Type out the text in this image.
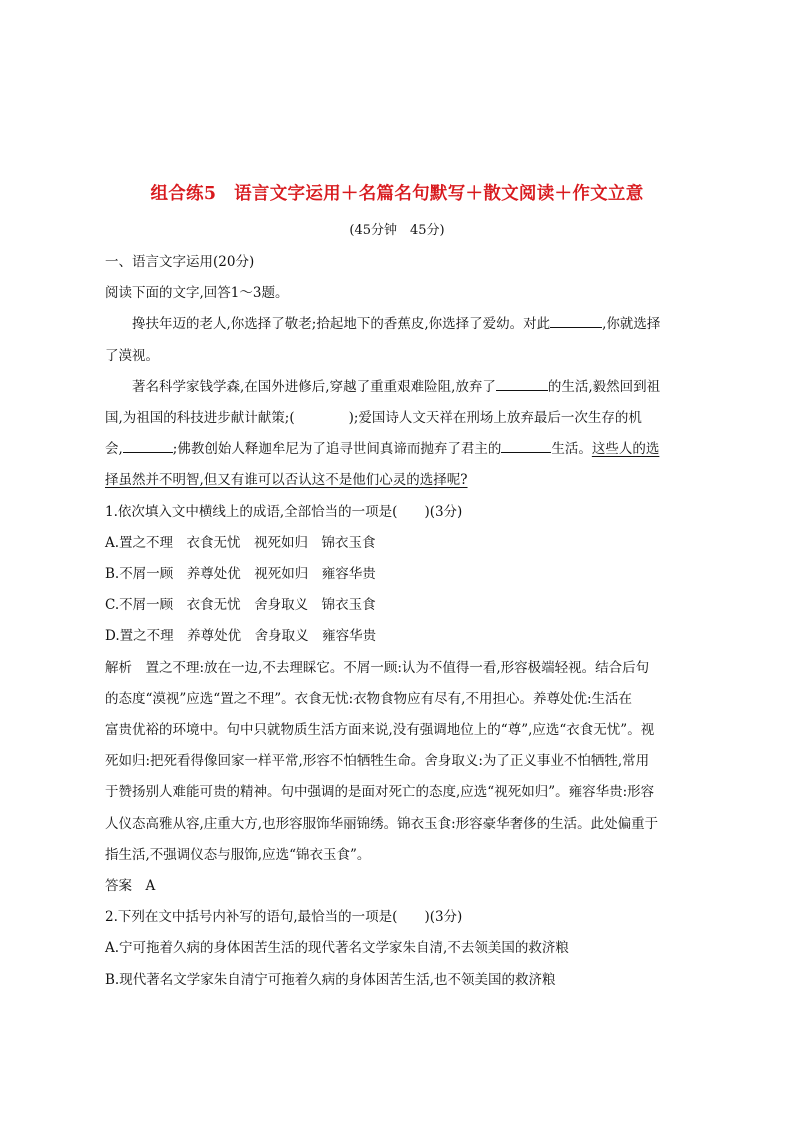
组合练5　语言文字运用＋名篇名句默写＋散文阅读＋作文立意
(45分钟　45分)
一、语言文字运用(20分)
阅读下面的文字,回答1～3题。
搀扶年迈的老人,你选择了敬老;拾起地下的香蕉皮,你选择了爱幼。对此	,你就选择
了漠视。
著名科学家钱学森,在国外进修后,穿越了重重艰难险阻,放弃了	的生活,毅然回到祖
国,为祖国的科技进步献计献策;(	);爱国诗人文天祥在刑场上放弃最后一次生存的机
会,	;佛教创始人释迦牟尼为了追寻世间真谛而抛弃了君主的	生活。这些人的选
择虽然并不明智,但又有谁可以否认这不是他们心灵的选择呢?
1.依次填入文中横线上的成语,全部恰当的一项是(　　)(3分)
A.置之不理　衣食无忧　视死如归　锦衣玉食
B.不屑一顾　养尊处优　视死如归　雍容华贵
C.不屑一顾　衣食无忧　舍身取义　锦衣玉食
D.置之不理　养尊处优　舍身取义　雍容华贵
解析　置之不理:放在一边,不去理睬它。不屑一顾:认为不值得一看,形容极端轻视。结合后句
的态度“漠视”应选“置之不理”。衣食无忧:衣物食物应有尽有,不用担心。养尊处优:生活在
富贵优裕的环境中。句中只就物质生活方面来说,没有强调地位上的“尊”,应选“衣食无忧”。视
死如归:把死看得像回家一样平常,形容不怕牺牲生命。舍身取义:为了正义事业不怕牺牲,常用
于赞扬别人难能可贵的精神。句中强调的是面对死亡的态度,应选“视死如归”。雍容华贵:形容
人仪态高雅从容,庄重大方,也形容服饰华丽锦绣。锦衣玉食:形容豪华奢侈的生活。此处偏重于
指生活,不强调仪态与服饰,应选“锦衣玉食”。
答案　A
2.下列在文中括号内补写的语句,最恰当的一项是(　　)(3分)
A.宁可拖着久病的身体困苦生活的现代著名文学家朱自清,不去领美国的救济粮
B.现代著名文学家朱自清宁可拖着久病的身体困苦生活,也不领美国的救济粮
